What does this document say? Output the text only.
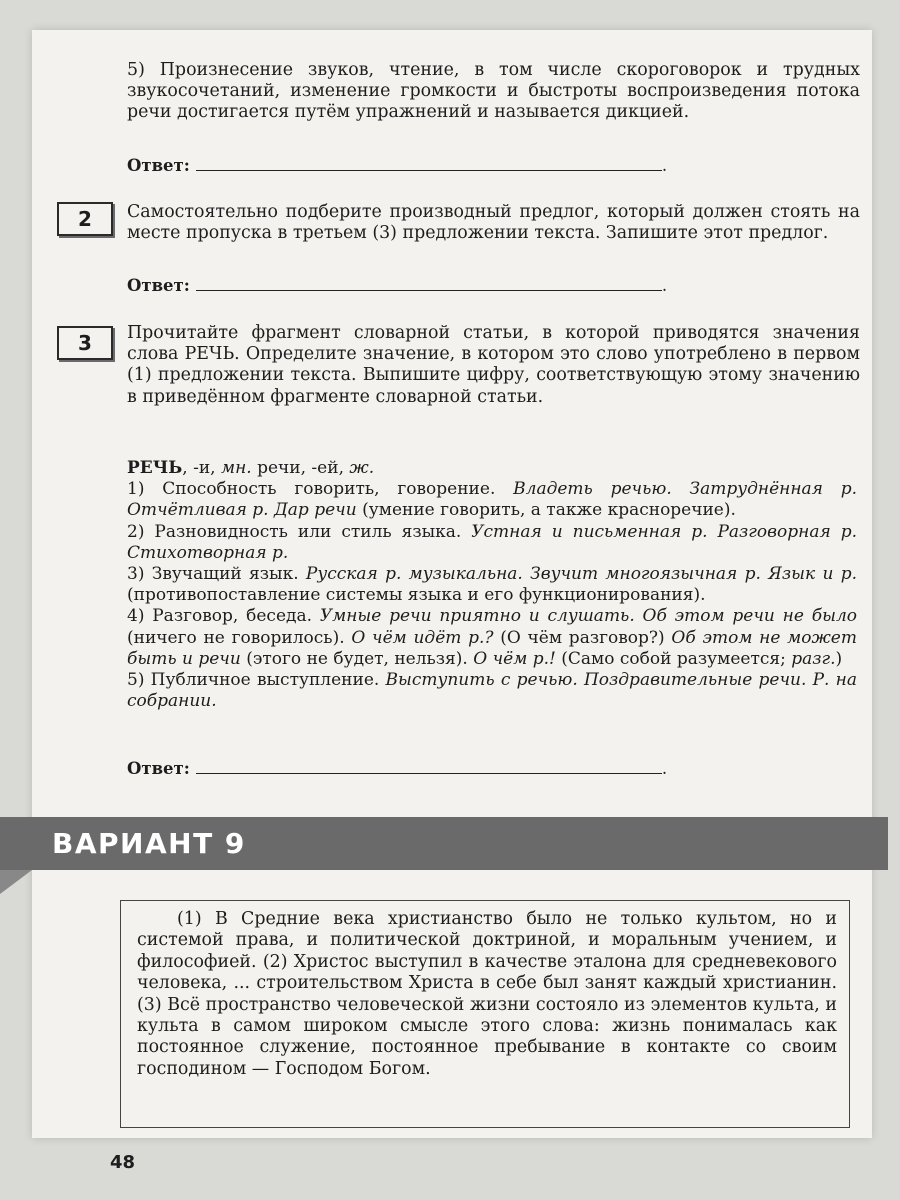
5) Произнесение звуков, чтение, в том числе скороговорок и трудных звукосочетаний, изменение громкости и быстроты воспроизведения потока речи достигается путём упражнений и называется дикцией.

Ответ:	.
2	Самостоятельно подберите производный предлог, который должен стоять на месте пропуска в третьем (3) предложении текста. Запишите этот предлог.

Ответ:	.
3	Прочитайте фрагмент словарной статьи, в которой приводятся значения слова РЕЧЬ. Определите значение, в котором это слово употреблено в первом (1) предложении текста. Выпишите цифру, соответствующую этому значению в приведённом фрагменте словарной статьи.

РЕЧЬ, -и, мн. речи, -ей, ж.

1) Способность говорить, говорение. Владеть речью. Затруднённая р. Отчётливая р. Дар речи (умение говорить, а также красноречие).

2) Разновидность или стиль языка. Устная и письменная р. Разговорная р. Стихотворная р.

3) Звучащий язык. Русская р. музыкальна. Звучит многоязычная р. Язык и р. (противопоставление системы языка и его функционирования).

4) Разговор, беседа. Умные речи приятно и слушать. Об этом речи не было (ничего не говорилось). О чём идёт р.? (О чём разговор?) Об этом не может быть и речи (этого не будет, нельзя). О чём р.! (Само собой разумеется; разг.)

5) Публичное выступление. Выступить с речью. Поздравительные речи. Р. на собрании.

Ответ:	.
ВАРИАНТ 9

(1) В Средние века христианство было не только культом, но и системой права, и политической доктриной, и моральным учением, и философией. (2) Христос выступил в качестве эталона для средневекового человека, ... строительством Христа в себе был занят каждый христианин. (3) Всё пространство человеческой жизни состояло из элементов культа, и культа в самом широком смысле этого слова: жизнь понималась как постоянное служение, постоянное пребывание в контакте со своим господином — Господом Богом.

48
